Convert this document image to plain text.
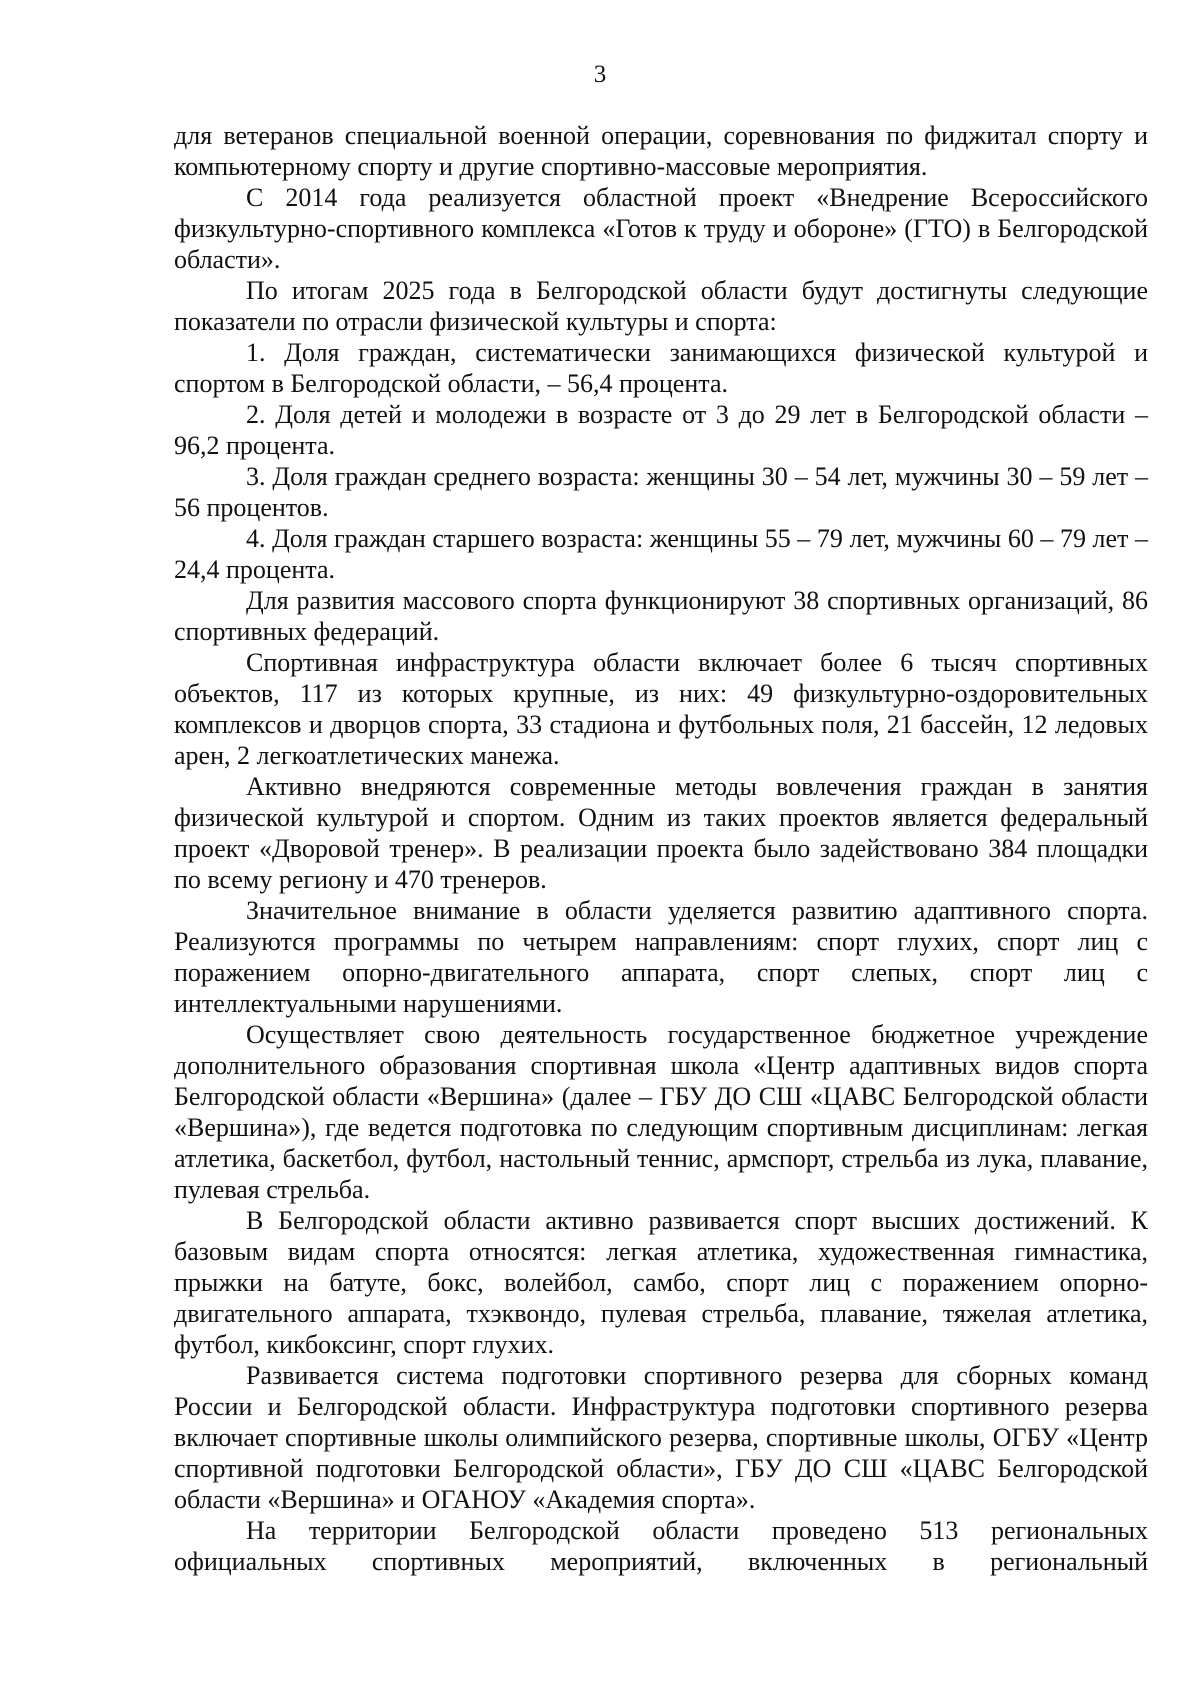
3

для ветеранов специальной военной операции, соревнования по фиджитал спорту и компьютерному спорту и другие спортивно-массовые мероприятия.

С 2014 года реализуется областной проект «Внедрение Всероссийского физкультурно-спортивного комплекса «Готов к труду и обороне» (ГТО) в Белгородской области».

По итогам 2025 года в Белгородской области будут достигнуты следующие показатели по отрасли физической культуры и спорта:

1. Доля граждан, систематически занимающихся физической культурой и спортом в Белгородской области, – 56,4 процента.

2. Доля детей и молодежи в возрасте от 3 до 29 лет в Белгородской области – 96,2 процента.

3. Доля граждан среднего возраста: женщины 30 – 54 лет, мужчины 30 – 59 лет – 56 процентов.

4. Доля граждан старшего возраста: женщины 55 – 79 лет, мужчины 60 – 79 лет – 24,4 процента.

Для развития массового спорта функционируют 38 спортивных организаций, 86 спортивных федераций.

Спортивная инфраструктура области включает более 6 тысяч спортивных объектов, 117 из которых крупные, из них: 49 физкультурно-оздоровительных комплексов и дворцов спорта, 33 стадиона и футбольных поля, 21 бассейн, 12 ледовых арен, 2 легкоатлетических манежа.

Активно внедряются современные методы вовлечения граждан в занятия физической культурой и спортом. Одним из таких проектов является федеральный проект «Дворовой тренер». В реализации проекта было задействовано 384 площадки по всему региону и 470 тренеров.

Значительное внимание в области уделяется развитию адаптивного спорта. Реализуются программы по четырем направлениям: спорт глухих, спорт лиц с поражением опорно-двигательного аппарата, спорт слепых, спорт лиц с интеллектуальными нарушениями.

Осуществляет свою деятельность государственное бюджетное учреждение дополнительного образования спортивная школа «Центр адаптивных видов спорта Белгородской области «Вершина» (далее – ГБУ ДО СШ «ЦАВС Белгородской области «Вершина»), где ведется подготовка по следующим спортивным дисциплинам: легкая атлетика, баскетбол, футбол, настольный теннис, армспорт, стрельба из лука, плавание, пулевая стрельба.

В Белгородской области активно развивается спорт высших достижений. К базовым видам спорта относятся: легкая атлетика, художественная гимнастика, прыжки на батуте, бокс, волейбол, самбо, спорт лиц с поражением опорно-двигательного аппарата, тхэквондо, пулевая стрельба, плавание, тяжелая атлетика, футбол, кикбоксинг, спорт глухих.

Развивается система подготовки спортивного резерва для сборных команд России и Белгородской области. Инфраструктура подготовки спортивного резерва включает спортивные школы олимпийского резерва, спортивные школы, ОГБУ «Центр спортивной подготовки Белгородской области», ГБУ ДО СШ «ЦАВС Белгородской области «Вершина» и ОГАНОУ «Академия спорта».

На территории Белгородской области проведено 513 региональных официальных спортивных мероприятий, включенных в региональный
